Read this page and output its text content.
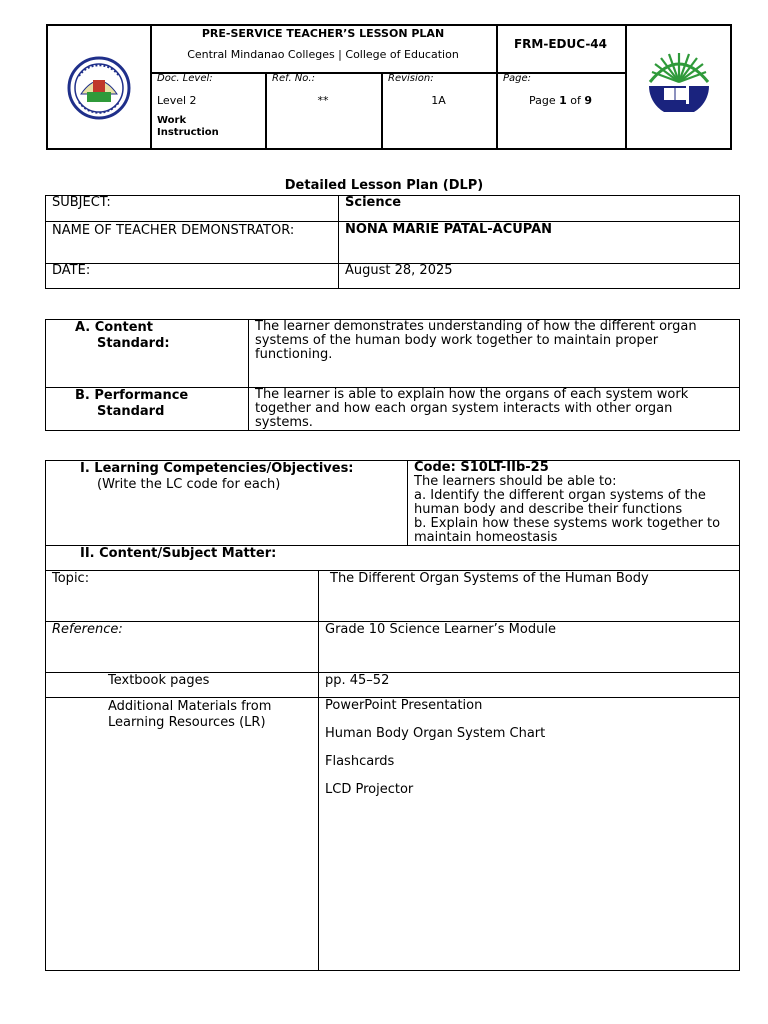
PRE-SERVICE TEACHER’S LESSON PLAN
Central Mindanao Colleges | College of Education
FRM-EDUC-44
Doc. Level:
Level 2
Work Instruction
Ref. No.:
**
Revision:
1A
Page:
Page 1 of 9
Detailed Lesson Plan (DLP)
SUBJECT:	Science
NAME OF TEACHER DEMONSTRATOR:	NONA MARIE PATAL-ACUPAN
DATE:	August 28, 2025
A. Content
Standard:	The learner demonstrates understanding of how the different organ systems of the human body work together to maintain proper functioning.

B. Performance
Standard	The learner is able to explain how the organs of each system work together and how each organ system interacts with other organ systems.
I. Learning Competencies/Objectives:
(Write the LC code for each)		Code: S10LT-IIb-25
The learners should be able to:
a. Identify the different organ systems of the human body and describe their functions
b. Explain how these systems work together to maintain homeostasis

II. Content/Subject Matter:		
Topic:	The Different Organ Systems of the Human Body	
Reference:	Grade 10 Science Learner’s Module	
Textbook pages	pp. 45–52	
Additional Materials from Learning Resources (LR)	PowerPoint Presentation
Human Body Organ System Chart
Flashcards
LCD Projector	
